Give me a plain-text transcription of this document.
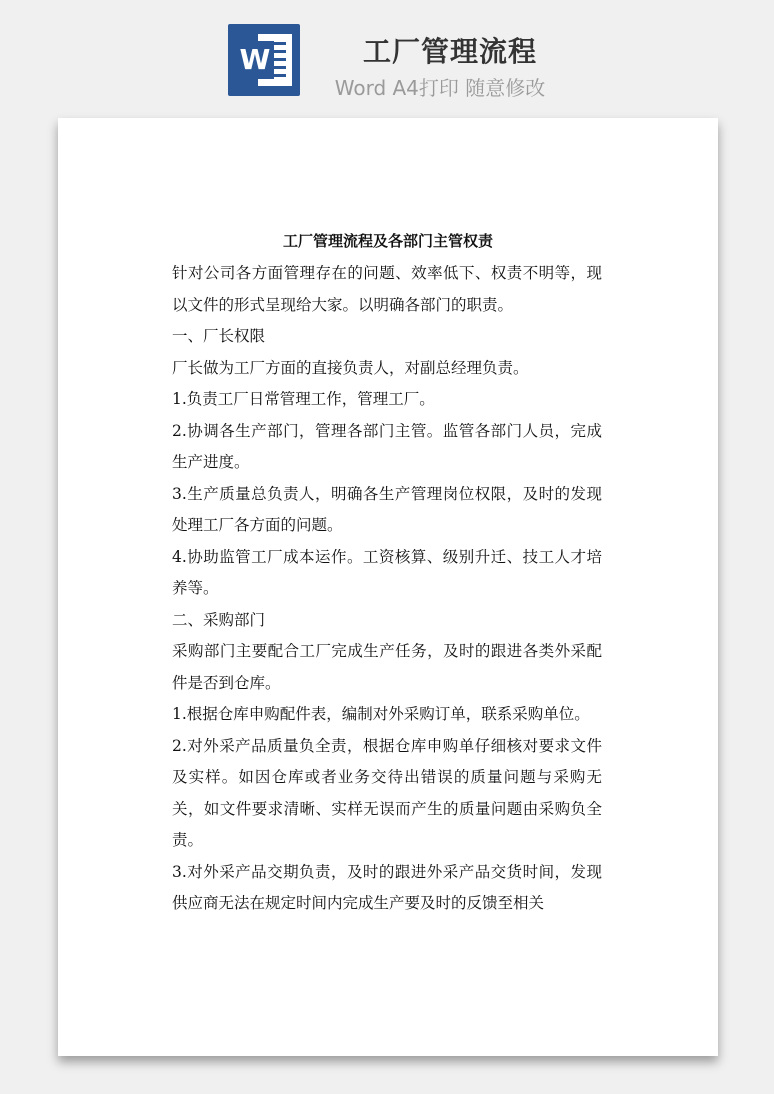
W	工厂管理流程
Word A4打印 随意修改
工厂管理流程及各部门主管权责

针对公司各方面管理存在的问题、效率低下、权责不明等，现以文件的形式呈现给大家。以明确各部门的职责。

一、厂长权限

厂长做为工厂方面的直接负责人，对副总经理负责。

1.负责工厂日常管理工作，管理工厂。

2.协调各生产部门，管理各部门主管。监管各部门人员，完成生产进度。

3.生产质量总负责人，明确各生产管理岗位权限，及时的发现处理工厂各方面的问题。

4.协助监管工厂成本运作。工资核算、级别升迁、技工人才培养等。

二、采购部门

采购部门主要配合工厂完成生产任务，及时的跟进各类外采配件是否到仓库。

1.根据仓库申购配件表，编制对外采购订单，联系采购单位。

2.对外采产品质量负全责，根据仓库申购单仔细核对要求文件及实样。如因仓库或者业务交待出错误的质量问题与采购无关，如文件要求清晰、实样无误而产生的质量问题由采购负全责。

3.对外采产品交期负责，及时的跟进外采产品交货时间，发现供应商无法在规定时间内完成生产要及时的反馈至相关
